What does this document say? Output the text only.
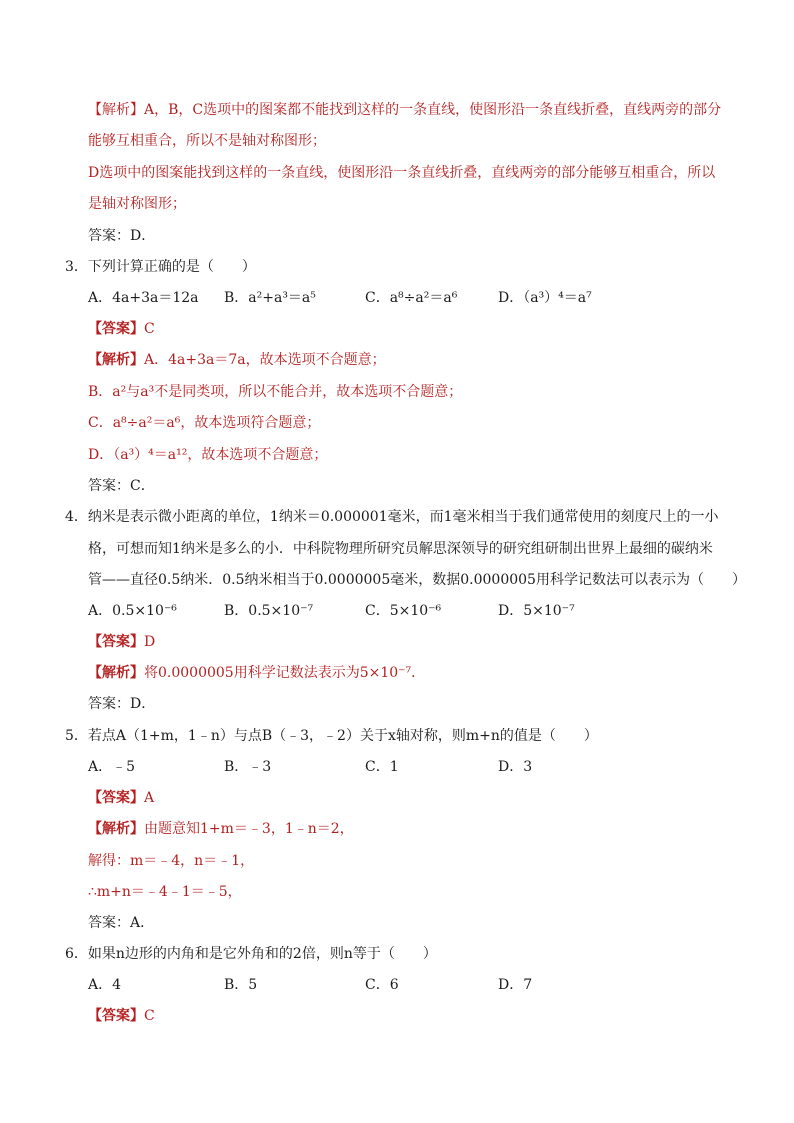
【解析】A，B，C选项中的图案都不能找到这样的一条直线，使图形沿一条直线折叠，直线两旁的部分
能够互相重合，所以不是轴对称图形；
D选项中的图案能找到这样的一条直线，使图形沿一条直线折叠，直线两旁的部分能够互相重合，所以
是轴对称图形；
答案：D．
3．下列计算正确的是（　　）
A．4a+3a＝12a B．a²+a³＝a⁵	C．a⁸÷a²＝a⁶	D．（a³）⁴＝a⁷
【答案】C
【解析】A．4a+3a＝7a，故本选项不合题意；
B．a²与a³不是同类项，所以不能合并，故本选项不合题意；
C．a⁸÷a²＝a⁶，故本选项符合题意；
D．（a³）⁴＝a¹²，故本选项不合题意；
答案：C．
4．纳米是表示微小距离的单位，1纳米＝0.000001毫米，而1毫米相当于我们通常使用的刻度尺上的一小
格，可想而知1纳米是多么的小．中科院物理所研究员解思深领导的研究组研制出世界上最细的碳纳米
管——直径0.5纳米．0.5纳米相当于0.0000005毫米，数据0.0000005用科学记数法可以表示为（　　）
A．0.5×10⁻⁶	B．0.5×10⁻⁷	C．5×10⁻⁶	D．5×10⁻⁷
【答案】D
【解析】将0.0000005用科学记数法表示为5×10⁻⁷．
答案：D．
5．若点A（1+m，1﹣n）与点B（﹣3，﹣2）关于x轴对称，则m+n的值是（　　）
A．﹣5	B．﹣3	C．1	D．3
【答案】A
【解析】由题意知1+m＝﹣3，1﹣n＝2，
解得：m＝﹣4，n＝﹣1，
∴m+n＝﹣4﹣1＝﹣5，
答案：A．
6．如果n边形的内角和是它外角和的2倍，则n等于（　　）
A．4	B．5	C．6	D．7
【答案】C
